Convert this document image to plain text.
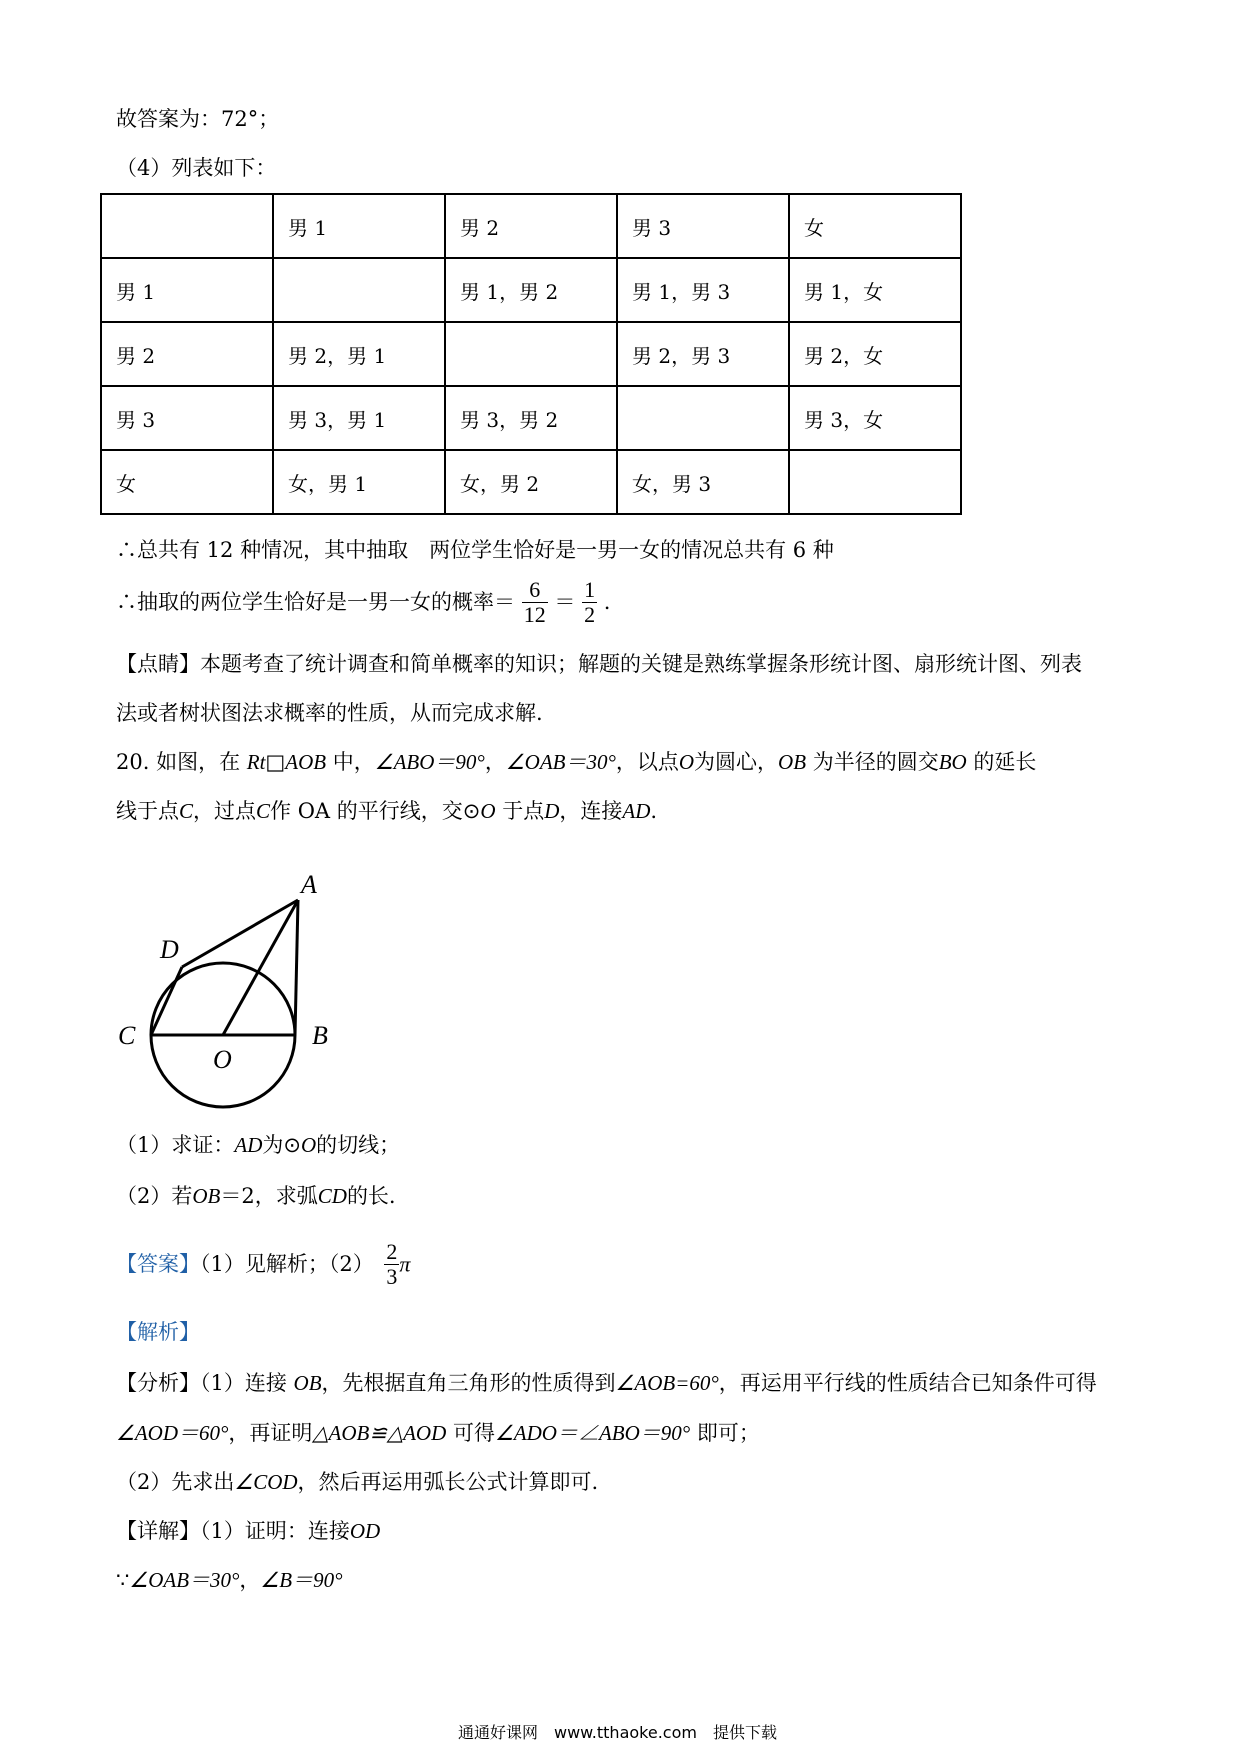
故答案为：72°；
（4）列表如下：
	男 1	男 2	男 3	女
男 1		男 1，男 2	男 1，男 3	男 1，女
男 2	男 2，男 1		男 2，男 3	男 2，女
男 3	男 3，男 1	男 3，男 2		男 3，女
女	女，男 1	女，男 2	女，男 3	
∴总共有 12 种情况，其中抽取　两位学生恰好是一男一女的情况总共有 6 种
∴抽取的两位学生恰好是一男一女的概率＝ $\frac{6}{12} = \frac{1}{2}$ .
【点睛】本题考查了统计调查和简单概率的知识；解题的关键是熟练掌握条形统计图、扇形统计图、列表
法或者树状图法求概率的性质，从而完成求解.
20. 如图，在 Rt□AOB 中，∠ABO＝90°，∠OAB＝30°，以点O为圆心，OB 为半径的圆交BO 的延长
线于点C，过点C作 OA 的平行线，交⊙O 于点D，连接AD.
A
D
C	B
O
（1）求证：AD为⊙O的切线；
（2）若OB＝2，求弧CD的长.
【答案】（1）见解析；$(2) \frac{2}{3}$ π
【解析】
【分析】（1）连接 OB，先根据直角三角形的性质得到∠AOB=60°，再运用平行线的性质结合已知条件可得
∠AOD＝60°，再证明△AOB≌△AOD 可得∠ADO＝∠ABO＝90° 即可；
（2）先求出∠COD，然后再运用弧长公式计算即可.
【详解】（1）证明：连接OD
∵∠OAB＝30°，∠B＝90°
通通好课网　www.tthaoke.com　提供下载
